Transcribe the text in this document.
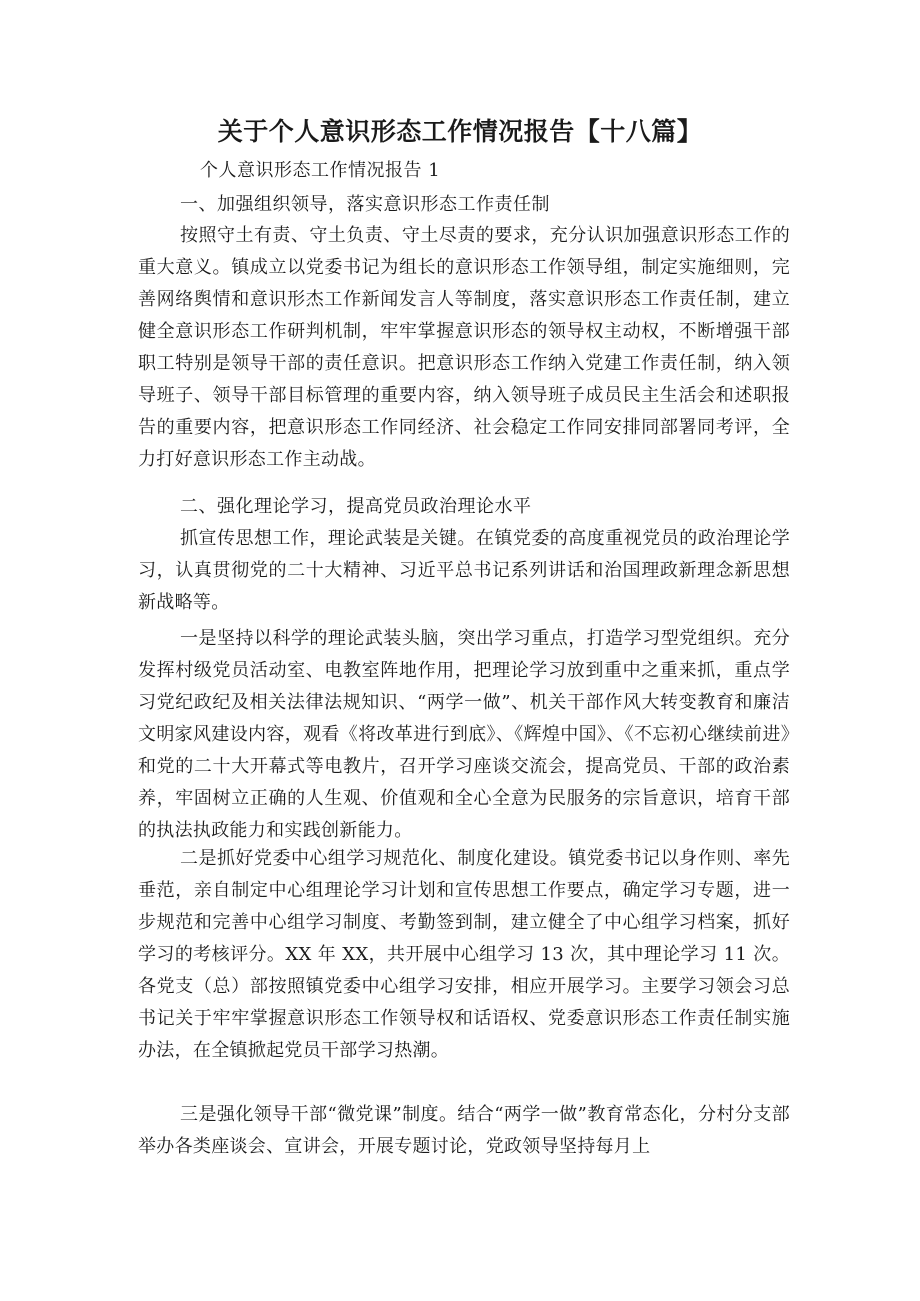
关于个人意识形态工作情况报告【十八篇】

个人意识形态工作情况报告 1

一、加强组织领导，落实意识形态工作责任制

按照守土有责、守土负责、守土尽责的要求，充分认识加强意识形态工作的重大意义。镇成立以党委书记为组长的意识形态工作领导组，制定实施细则，完善网络舆情和意识形杰工作新闻发言人等制度，落实意识形态工作责任制，建立健全意识形态工作研判机制，牢牢掌握意识形态的领导权主动权，不断增强干部职工特别是领导干部的责任意识。把意识形态工作纳入党建工作责任制，纳入领导班子、领导干部目标管理的重要内容，纳入领导班子成员民主生活会和述职报告的重要内容，把意识形态工作同经济、社会稳定工作同安排同部署同考评，全力打好意识形态工作主动战。

二、强化理论学习，提高党员政治理论水平

抓宣传思想工作，理论武装是关键。在镇党委的高度重视党员的政治理论学习，认真贯彻党的二十大精神、习近平总书记系列讲话和治国理政新理念新思想新战略等。

一是坚持以科学的理论武装头脑，突出学习重点，打造学习型党组织。充分发挥村级党员活动室、电教室阵地作用，把理论学习放到重中之重来抓，重点学习党纪政纪及相关法律法规知识、“两学一做”、机关干部作风大转变教育和廉洁文明家风建设内容，观看《将改革进行到底》、《辉煌中国》、《不忘初心继续前进》和党的二十大开幕式等电教片，召开学习座谈交流会，提高党员、干部的政治素养，牢固树立正确的人生观、价值观和全心全意为民服务的宗旨意识，培育干部的执法执政能力和实践创新能力。

二是抓好党委中心组学习规范化、制度化建设。镇党委书记以身作则、率先垂范，亲自制定中心组理论学习计划和宣传思想工作要点，确定学习专题，进一步规范和完善中心组学习制度、考勤签到制，建立健全了中心组学习档案，抓好学习的考核评分。XX 年 XX，共开展中心组学习 13 次，其中理论学习 11 次。各党支（总）部按照镇党委中心组学习安排，相应开展学习。主要学习领会习总书记关于牢牢掌握意识形态工作领导权和话语权、党委意识形态工作责任制实施办法，在全镇掀起党员干部学习热潮。

三是强化领导干部“微党课”制度。结合“两学一做”教育常态化，分村分支部举办各类座谈会、宣讲会，开展专题讨论，党政领导坚持每月上
